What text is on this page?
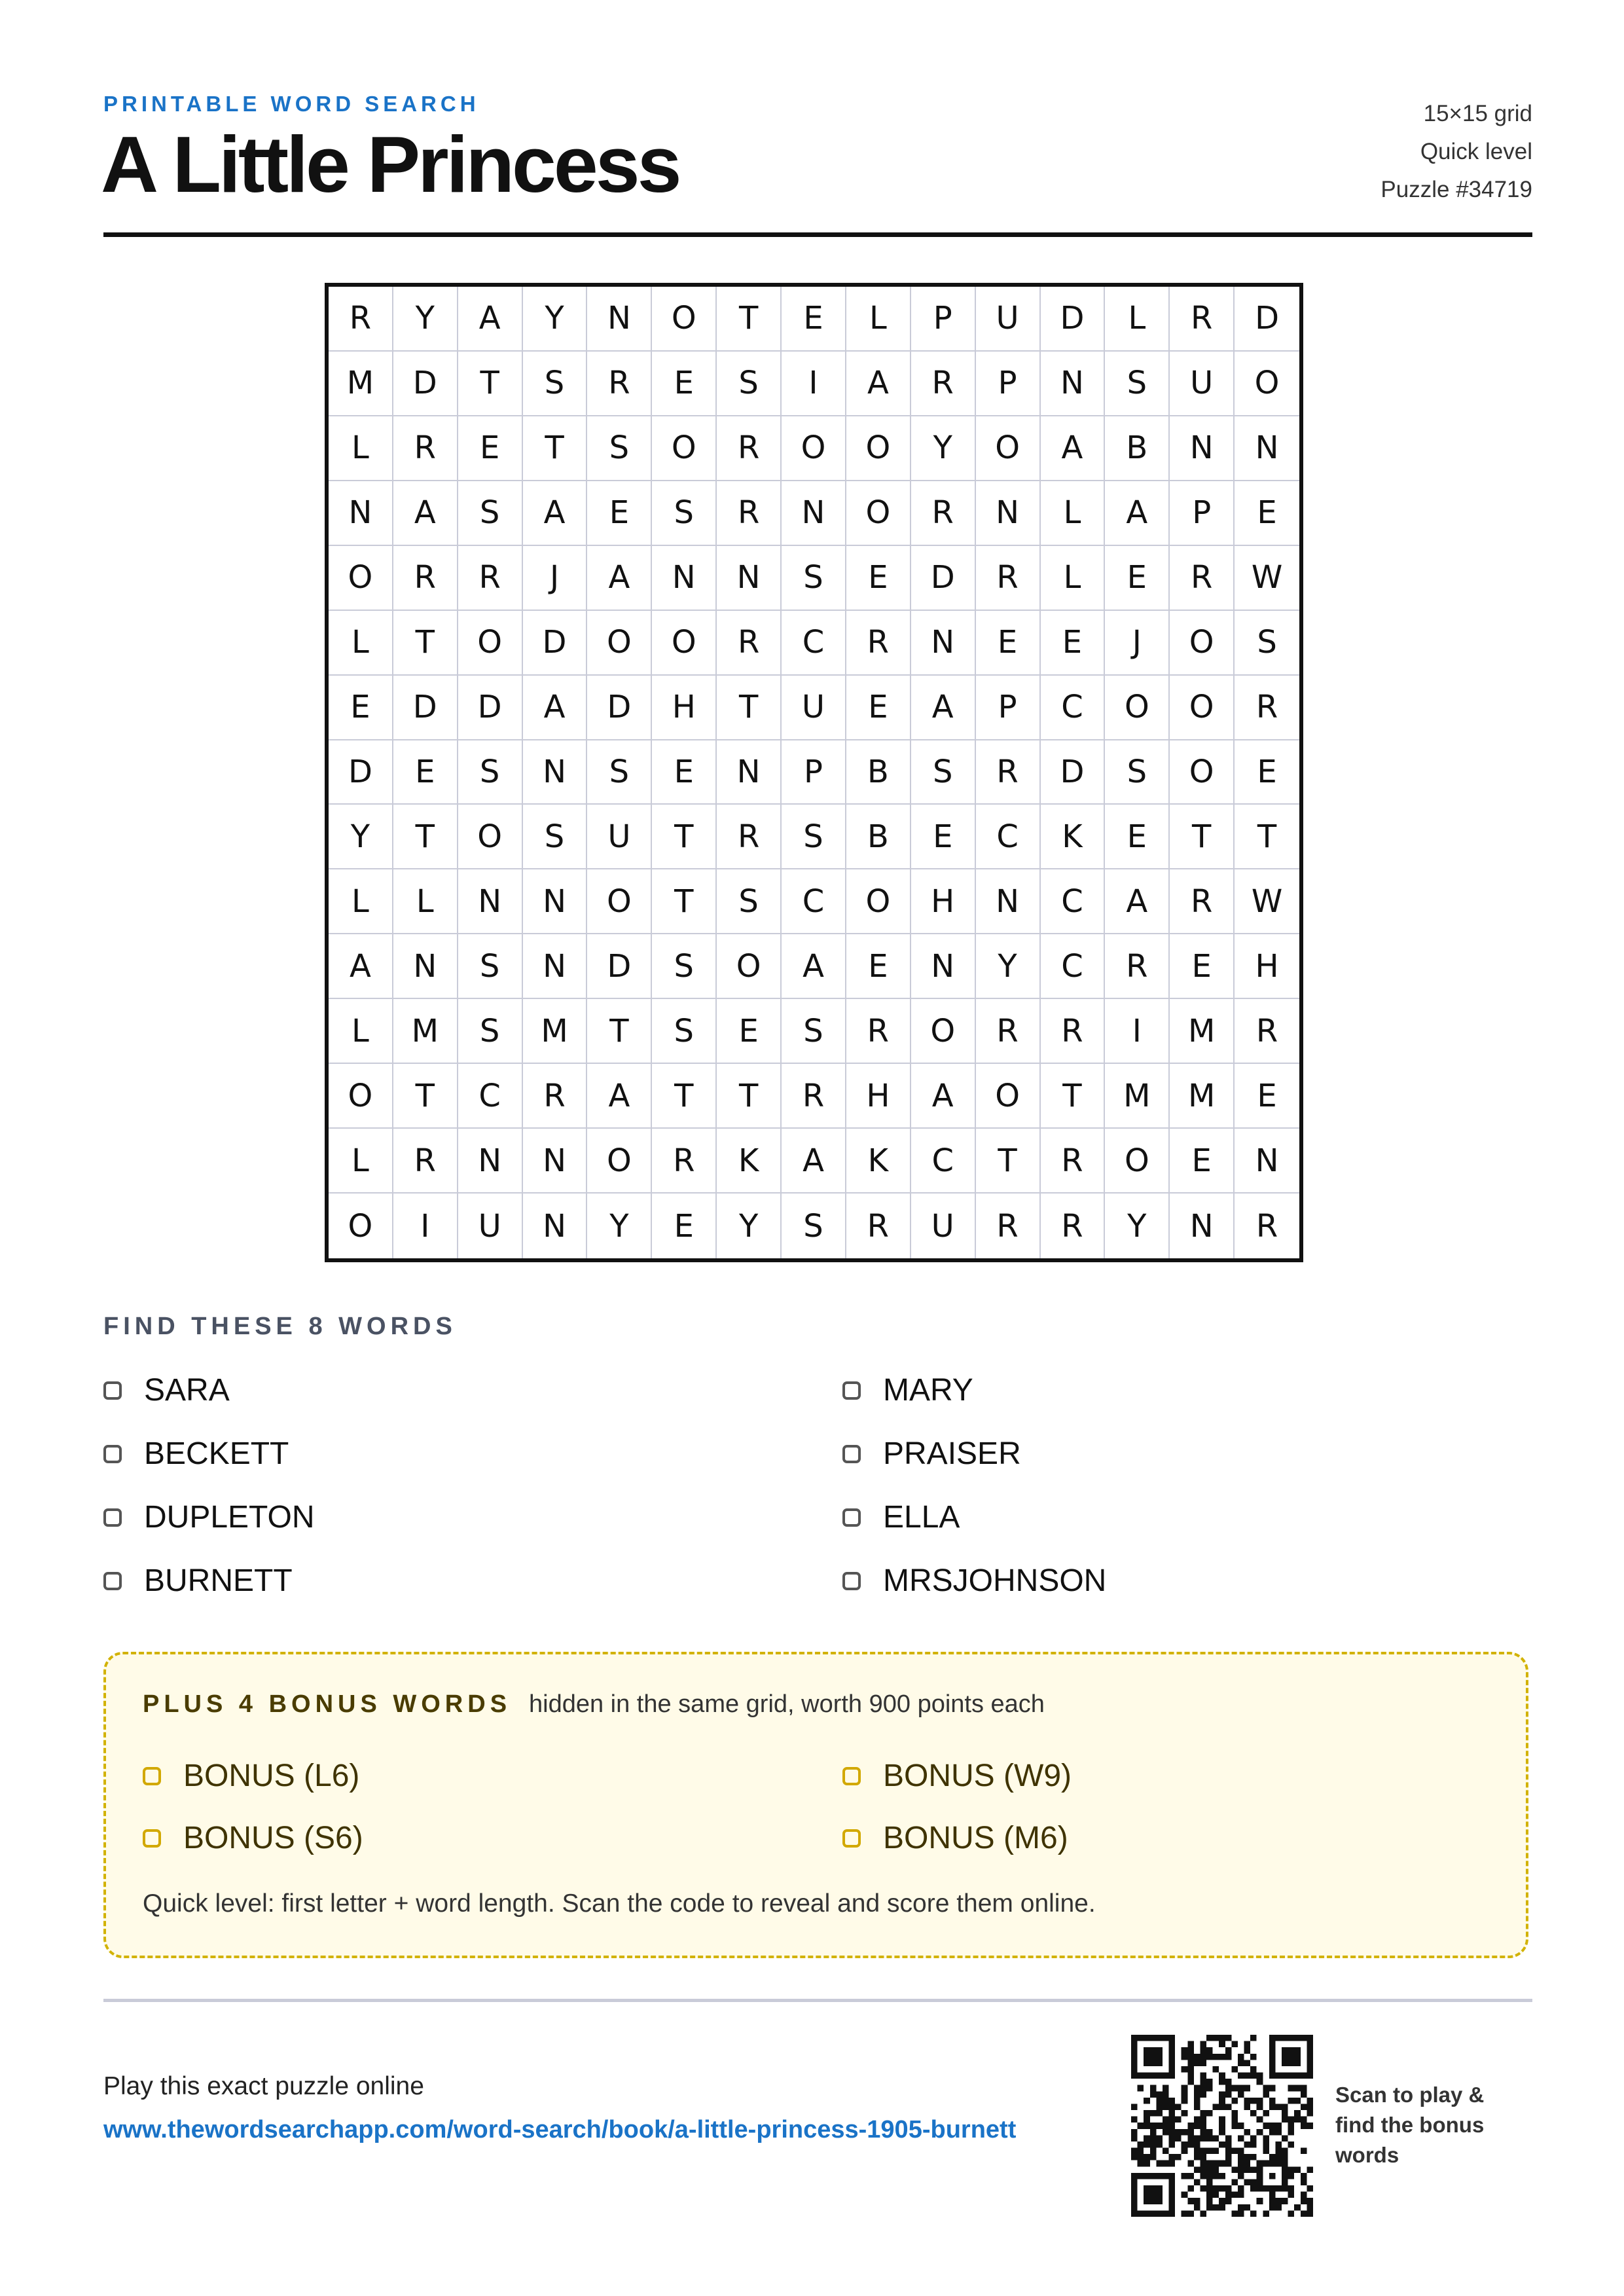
PRINTABLE WORD SEARCH
A Little Princess
15×15 grid
Quick level
Puzzle #34719
R	Y	A	Y	N	O	T	E	L	P	U	D	L	R	D
M	D	T	S	R	E	S	I	A	R	P	N	S	U	O
L	R	E	T	S	O	R	O	O	Y	O	A	B	N	N
N	A	S	A	E	S	R	N	O	R	N	L	A	P	E
O	R	R	J	A	N	N	S	E	D	R	L	E	R	W
L	T	O	D	O	O	R	C	R	N	E	E	J	O	S
E	D	D	A	D	H	T	U	E	A	P	C	O	O	R
D	E	S	N	S	E	N	P	B	S	R	D	S	O	E
Y	T	O	S	U	T	R	S	B	E	C	K	E	T	T
L	L	N	N	O	T	S	C	O	H	N	C	A	R	W
A	N	S	N	D	S	O	A	E	N	Y	C	R	E	H
L	M	S	M	T	S	E	S	R	O	R	R	I	M	R
O	T	C	R	A	T	T	R	H	A	O	T	M	M	E
L	R	N	N	O	R	K	A	K	C	T	R	O	E	N
O	I	U	N	Y	E	Y	S	R	U	R	R	Y	N	R
FIND THESE 8 WORDS
SARA
BECKETT
DUPLETON
BURNETT
MARY
PRAISER
ELLA
MRSJOHNSON
PLUS 4 BONUS WORDS hidden in the same grid, worth 900 points each
BONUS (L6)
BONUS (S6)
BONUS (W9)
BONUS (M6)
Quick level: first letter + word length. Scan the code to reveal and score them online.
Play this exact puzzle online
www.thewordsearchapp.com/word-search/book/a-little-princess-1905-burnett
Scan to play & find the bonus words
